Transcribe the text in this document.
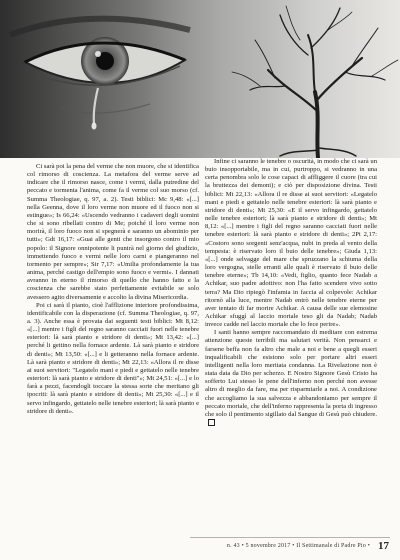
Ci sarà poi la pena del verme che non muore, che si identifica col rimorso di coscienza. La metafora del verme serve ad indicare che il rimorso nasce, come i vermi, dalla putredine del peccato e tormenta l'anima, come fa il verme col suo morso (cf. Summa Theologiae, q. 97, a. 2). Testi biblici: Mc 9,48: «[...] nella Geenna, dove il loro verme non muore ed il fuoco non si estingue»; Is 66,24: «Uscendo vedranno i cadaveri degli uomini che si sono ribellati contro di Me; poiché il loro verme non morirà, il loro fuoco non si spegnerà e saranno un abominio per tutti»; Gdt 16,17: «Guai alle genti che insorgono contro il mio popolo: il Signore onnipotente li punirà nel giorno del giudizio, immettendo fuoco e vermi nelle loro carni e piangeranno nel tormento per sempre»; Sir 7,17: «Umilia profondamente la tua anima, perché castigo dell'empio sono fuoco e vermi». I dannati avranno in eterno il rimorso di quello che hanno fatto e la coscienza che sarebbe stato perfettamente evitabile se solo avessero agito diversamente e accolto la divina Misericordia.

Poi ci sarà il pianto, cioè l'afflizione interiore profondissima, identificabile con la disperazione (cf. Summa Theologiae, q. 97, a. 3). Anche essa è provata dai seguenti testi biblici: Mt 8,12: «[...] mentre i figli del regno saranno cacciati fuori nelle tenebre esteriori: là sarà pianto e stridore di denti»; Mt 13,42: «[...] perché li gettino nella fornace ardente. Là sarà pianto e stridore di denti»; Mt 13,50: «[...] e li getteranno nella fornace ardente. Là sarà pianto e stridore di denti»; Mt 22,13: «Allora il re disse ai suoi servitori: "Legatelo mani e piedi e gettatelo nelle tenebre esteriori: là sarà pianto e stridore di denti"»; Mt 24,51: «[...] e lo farà a pezzi, facendogli toccare la stessa sorte che meritano gli ipocriti: là sarà pianto e stridore di denti»; Mt 25,30: «[...] e il servo infingardo, gettatelo nelle tenebre esteriori; là sarà pianto e stridore di denti».

Infine ci saranno le tenebre o oscurità, in modo che ci sarà un buio insopportabile, ma in cui, purtroppo, si vedranno in una certa penombra solo le cose capaci di affliggere il cuore (tra cui la bruttezza dei demoni); e ciò per disposizione divina. Testi biblici: Mt 22,13: «Allora il re disse ai suoi servitori: «Legatelo mani e piedi e gettatelo nelle tenebre esteriori: là sarà pianto e stridore di denti»; Mt 25,30: «E il servo infingardo, gettatelo nelle tenebre esteriori; là sarà pianto e stridore di denti»; Mt 8,12: «[...] mentre i figli del regno saranno cacciati fuori nelle tenebre esteriori: là sarà pianto e stridore di denti»; 2Pt 2,17: «Costoro sono sorgenti senz'acqua, nubi in preda al vento della tempesta: è riservato loro il buio delle tenebre»; Giuda 1,13: «[...] onde selvagge del mare che spruzzano la schiuma della loro vergogna, stelle erranti alle quali è riservato il buio delle tenebre eterne»; Tb 14,10: «Vedi, figlio, quanto fece Nadab a Achikar, suo padre adottivo: non l'ha fatto scendere vivo sotto terra? Ma Dio ripiegò l'infamia in faccia al colpevole: Achikar ritornò alla luce, mentre Nadab entrò nelle tenebre eterne per aver tentato di far morire Achikar. A causa delle sue elemosine Achikar sfuggì al laccio mortale teso gli da Nadab; Nadab invece cadde nel laccio mortale che lo fece perire».

I santi hanno sempre raccomandato di meditare con estrema attenzione queste terribili ma salutari verità. Non pensarci e farsene beffa non fa altro che male a noi e bene a quegli esseri inqualificabili che esistono solo per portare altri esseri intelligenti nella loro meritata condanna. La Rivelazione non è stata data da Dio per scherzo. E Nostro Signore Gesù Cristo ha sofferto Lui stesso le pene dell'inferno non perché non avesse altro di meglio da fare, ma per risparmiarle a noi. A condizione che accogliamo la sua salvezza e abbandoniamo per sempre il peccato mortale, che dell'inferno rappresenta la porta di ingresso che solo il pentimento sigillato dal Sangue di Gesù può chiudere.

n. 43 • 5 novembre 2017 • Il Settimanale di Padre Pio • 17
